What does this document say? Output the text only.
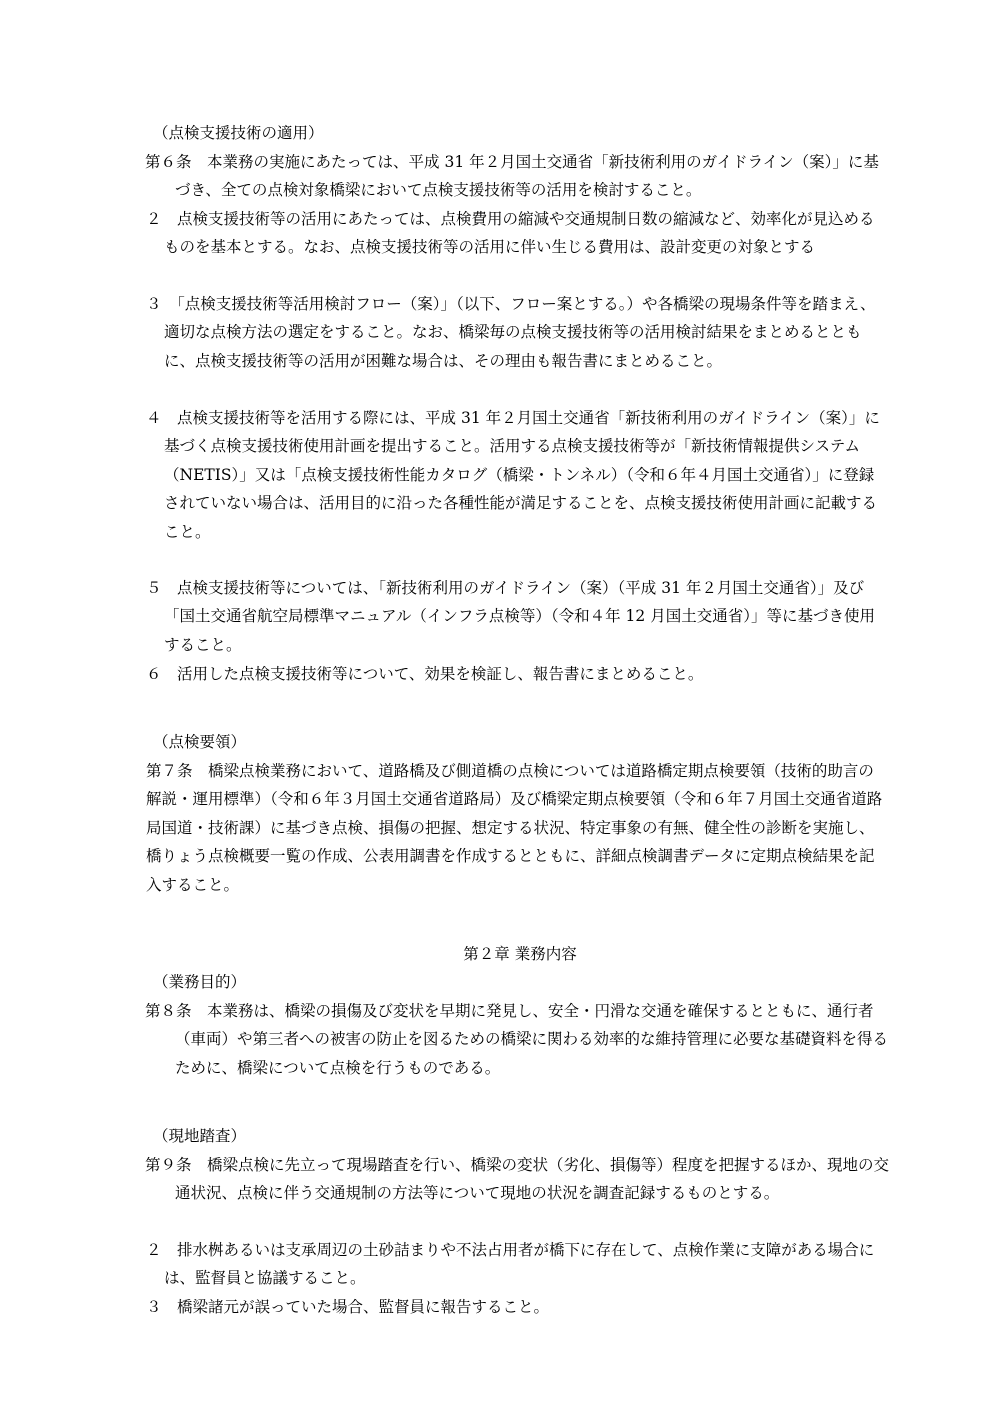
（点検支援技術の適用）
第６条　 本業務の実施にあたっては、平成 31 年２月国土交通省「新技術利用のガイドライン（案）」に基づき、全ての点検対象橋梁において点検支援技術等の活用を検討すること。
２　 点検支援技術等の活用にあたっては、点検費用の縮減や交通規制日数の縮減など、効率化が見込めるものを基本とする。なお、点検支援技術等の活用に伴い生じる費用は、設計変更の対象とする
３　 「点検支援技術等活用検討フロー（案）」（以下、フロー案とする。）や各橋梁の現場条件等を踏まえ、適切な点検方法の選定をすること。なお、橋梁毎の点検支援技術等の活用検討結果をまとめるとともに、点検支援技術等の活用が困難な場合は、その理由も報告書にまとめること。
４　 点検支援技術等を活用する際には、平成 31 年２月国土交通省「新技術利用のガイドライン（案）」に基づく点検支援技術使用計画を提出すること。活用する点検支援技術等が「新技術情報提供システム（NETIS）」又は「点検支援技術性能カタログ（橋梁・トンネル）（令和６年４月国土交通省）」に登録されていない場合は、活用目的に沿った各種性能が満足することを、点検支援技術使用計画に記載すること。
５　 点検支援技術等については、「新技術利用のガイドライン（案）（平成 31 年２月国土交通省）」及び「国土交通省航空局標準マニュアル（インフラ点検等）（令和４年 12 月国土交通省）」等に基づき使用すること。
６　 活用した点検支援技術等について、効果を検証し、報告書にまとめること。
（点検要領）
第７条　 橋梁点検業務において、道路橋及び側道橋の点検については道路橋定期点検要領（技術的助言の解説・運用標準）（令和６年３月国土交通省道路局）及び橋梁定期点検要領（令和６年７月国土交通省道路局国道・技術課）に基づき点検、損傷の把握、想定する状況、特定事象の有無、健全性の診断を実施し、橋りょう点検概要一覧の作成、公表用調書を作成するとともに、詳細点検調書データに定期点検結果を記入すること。
第２章 業務内容
（業務目的）
第８条　 本業務は、橋梁の損傷及び変状を早期に発見し、安全・円滑な交通を確保するとともに、通行者（車両）や第三者への被害の防止を図るための橋梁に関わる効率的な維持管理に必要な基礎資料を得るために、橋梁について点検を行うものである。
（現地踏査）
第９条　 橋梁点検に先立って現場踏査を行い、橋梁の変状（劣化、損傷等）程度を把握するほか、現地の交通状況、点検に伴う交通規制の方法等について現地の状況を調査記録するものとする。
２　 排水桝あるいは支承周辺の土砂詰まりや不法占用者が橋下に存在して、点検作業に支障がある場合には、監督員と協議すること。
３　 橋梁諸元が誤っていた場合、監督員に報告すること。
